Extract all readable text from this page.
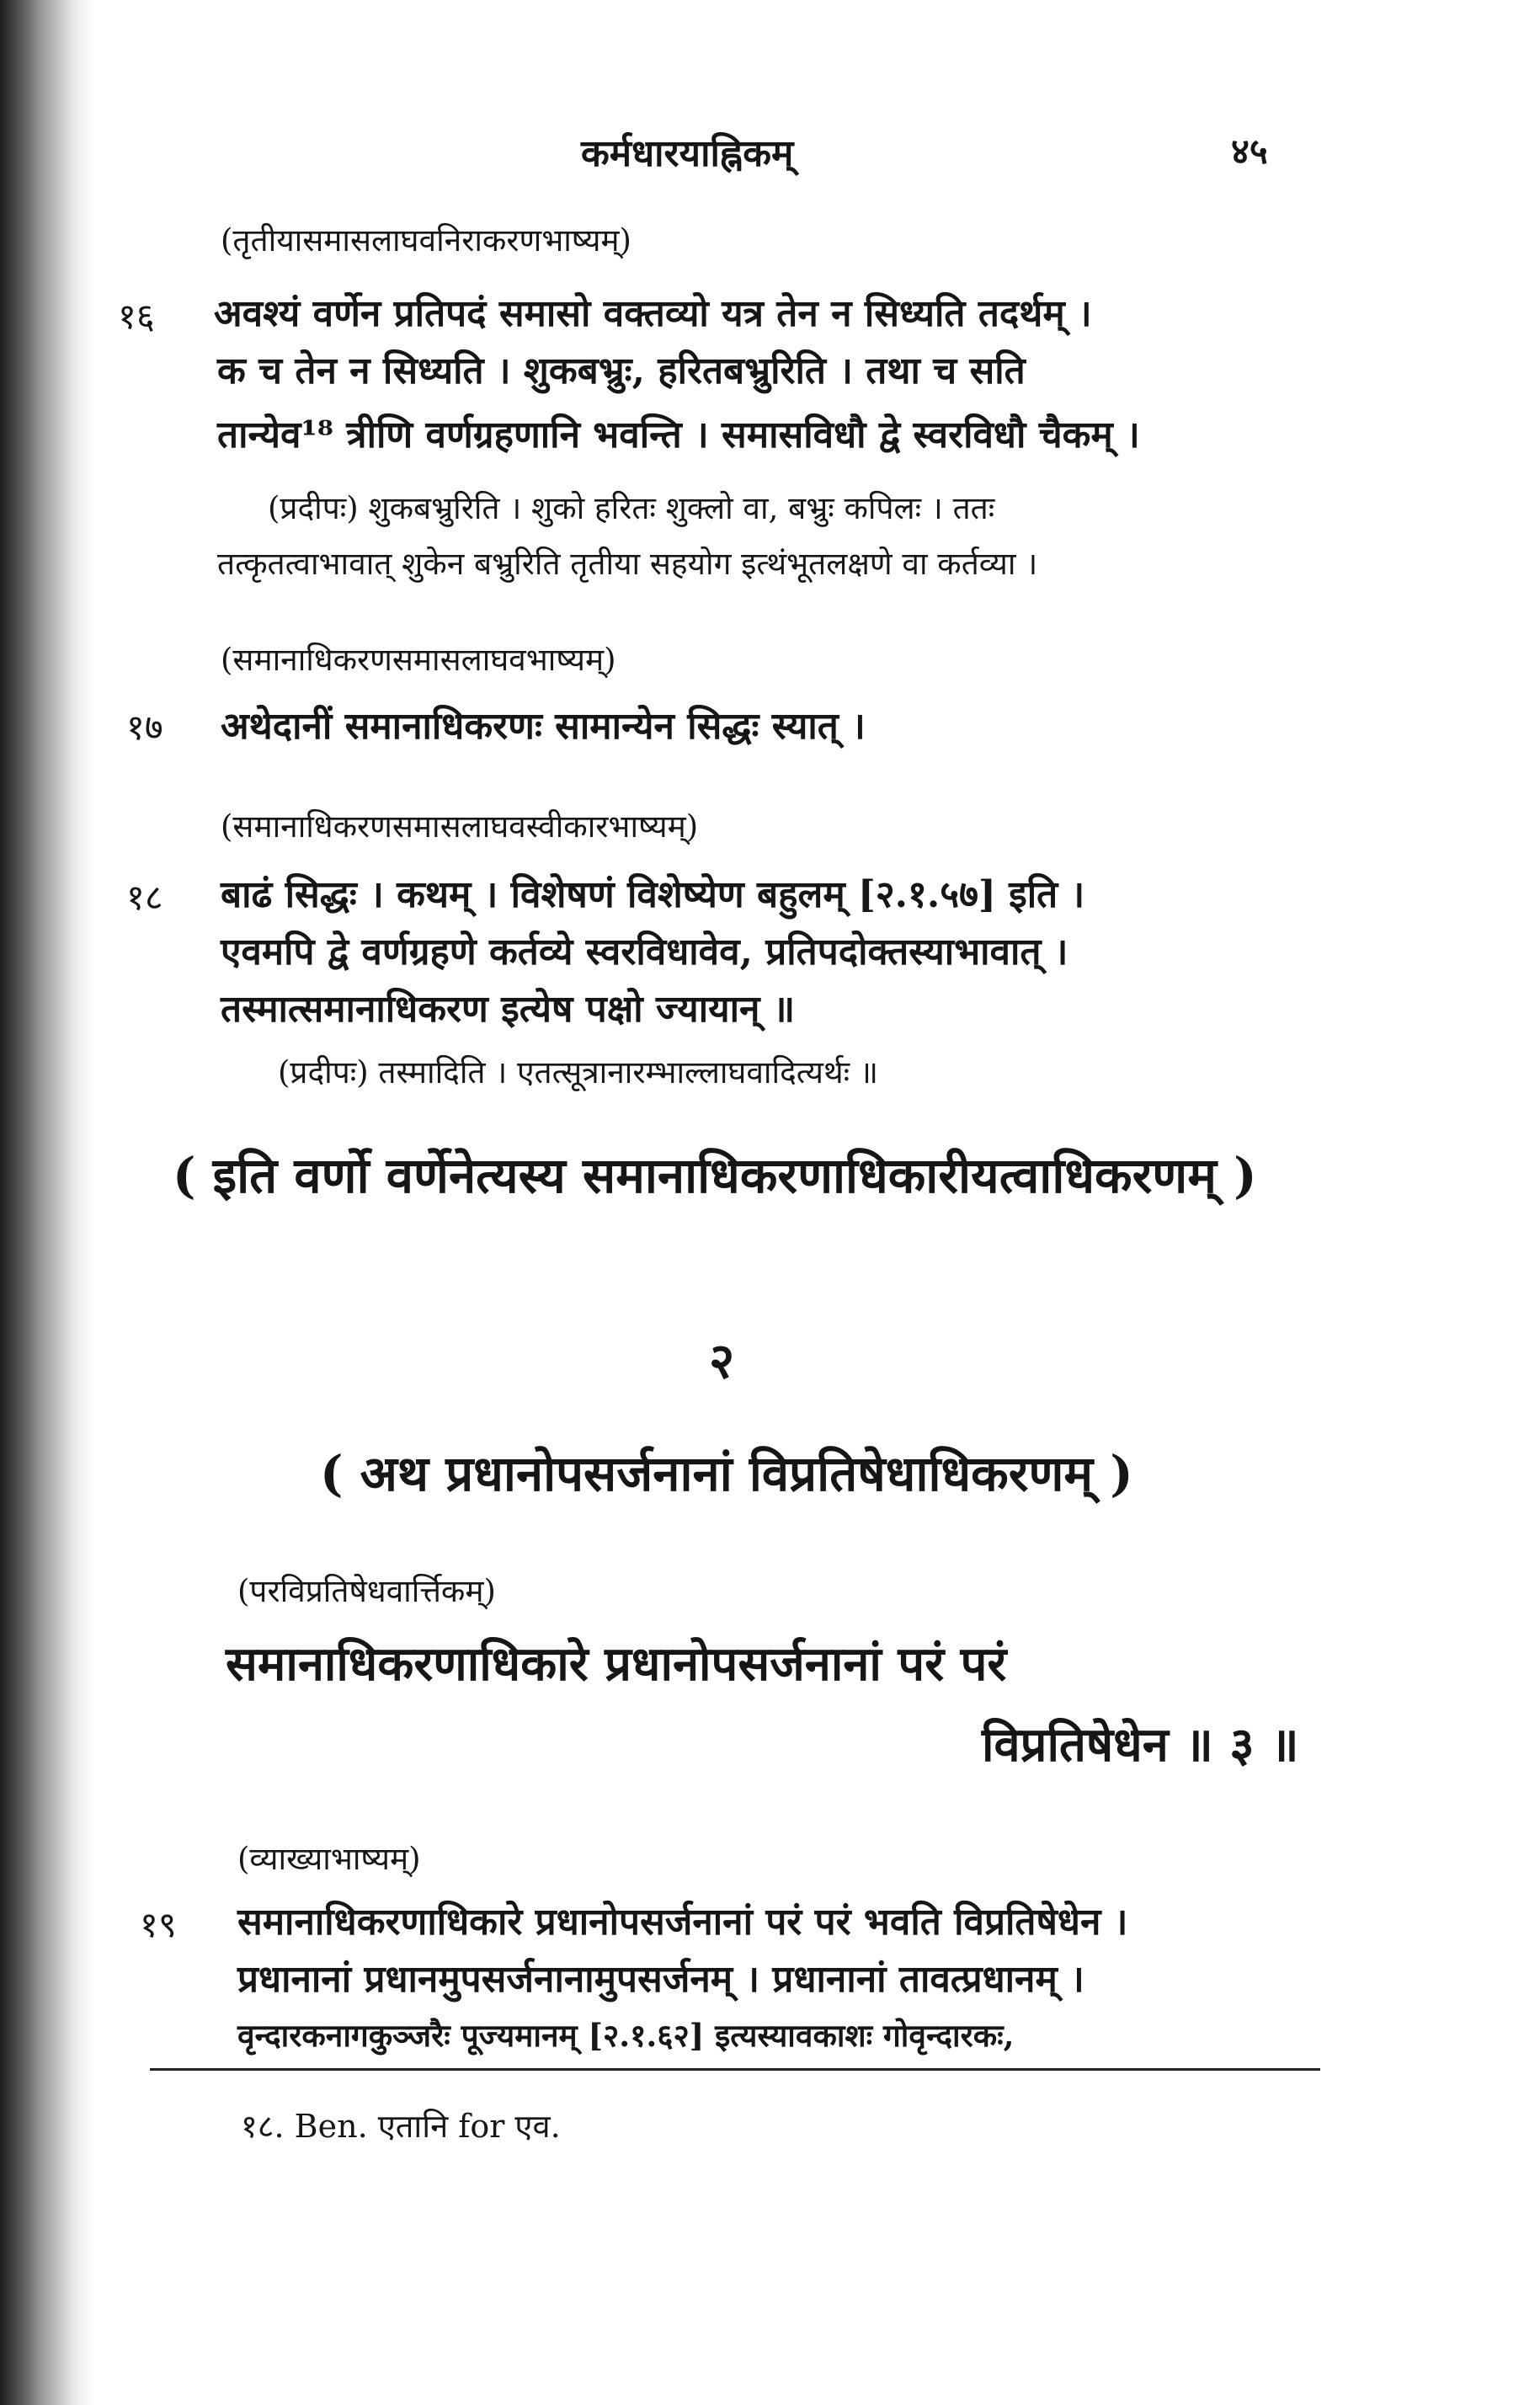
कर्मधारयाह्निकम्	४५

(तृतीयासमासलाघवनिराकरणभाष्यम्)

१६ अवश्यं वर्णेन प्रतिपदं समासो वक्तव्यो यत्र तेन न सिध्यति तदर्थम् ।

क च तेन न सिध्यति । शुकबभ्रुः, हरितबभ्रुरिति । तथा च सति

तान्येव¹⁸ त्रीणि वर्णग्रहणानि भवन्ति । समासविधौ द्वे स्वरविधौ चैकम् ।

(प्रदीपः) शुकबभ्रुरिति । शुको हरितः शुक्लो वा, बभ्रुः कपिलः । ततः

तत्कृतत्वाभावात् शुकेन बभ्रुरिति तृतीया सहयोग इत्थंभूतलक्षणे वा कर्तव्या ।

(समानाधिकरणसमासलाघवभाष्यम्)

१७ अथेदानीं समानाधिकरणः सामान्येन सिद्धः स्यात् ।

(समानाधिकरणसमासलाघवस्वीकारभाष्यम्)

१८ बाढं सिद्धः । कथम् । विशेषणं विशेष्येण बहुलम् [२.१.५७] इति ।

एवमपि द्वे वर्णग्रहणे कर्तव्ये स्वरविधावेव, प्रतिपदोक्तस्याभावात् ।

तस्मात्समानाधिकरण इत्येष पक्षो ज्यायान् ॥

(प्रदीपः) तस्मादिति । एतत्सूत्रानारम्भाल्लाघवादित्यर्थः ॥

( इति वर्णो वर्णेनेत्यस्य समानाधिकरणाधिकारीयत्वाधिकरणम् )

२

( अथ प्रधानोपसर्जनानां विप्रतिषेधाधिकरणम् )

(परविप्रतिषेधवार्त्तिकम्)

समानाधिकरणाधिकारे प्रधानोपसर्जनानां परं परं

विप्रतिषेधेन ॥ ३ ॥

(व्याख्याभाष्यम्)

१९ समानाधिकरणाधिकारे प्रधानोपसर्जनानां परं परं भवति विप्रतिषेधेन ।

प्रधानानां प्रधानमुपसर्जनानामुपसर्जनम् । प्रधानानां तावत्प्रधानम् ।

वृन्दारकनागकुञ्जरैः पूज्यमानम् [२.१.६२] इत्यस्यावकाशः गोवृन्दारकः,

१८. Ben. एतानि for एव.
